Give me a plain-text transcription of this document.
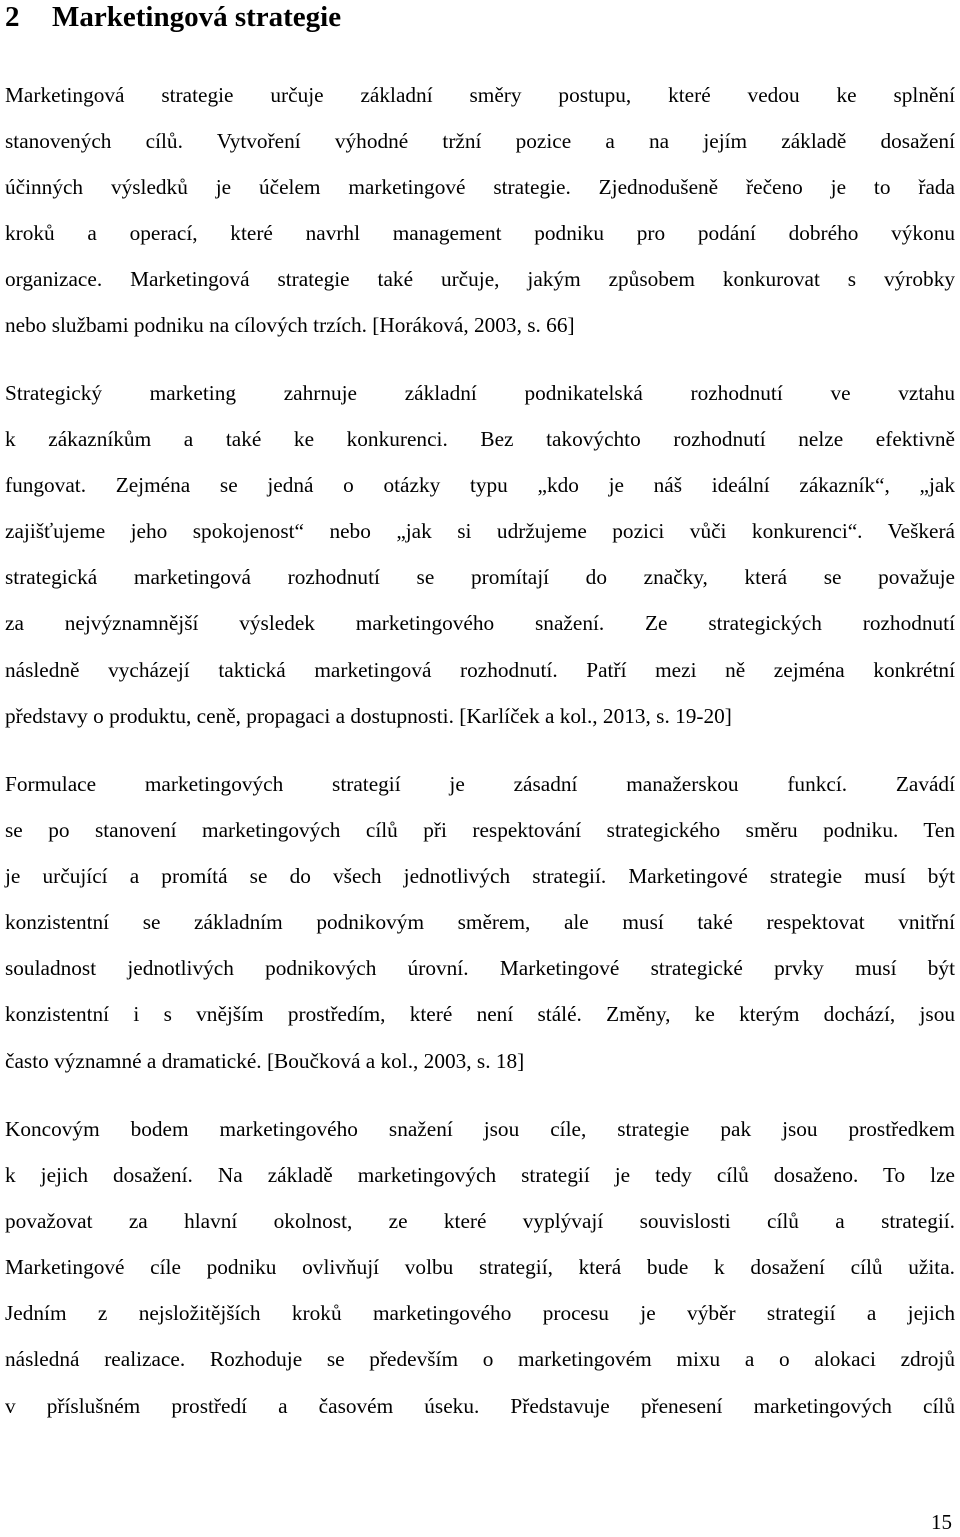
2 Marketingová strategie

Marketingová strategie určuje základní směry postupu, které vedou ke splnění
stanovených cílů. Vytvoření výhodné tržní pozice a na jejím základě dosažení
účinných výsledků je účelem marketingové strategie. Zjednodušeně řečeno je to řada
kroků a operací, které navrhl management podniku pro podání dobrého výkonu
organizace. Marketingová strategie také určuje, jakým způsobem konkurovat s výrobky
nebo službami podniku na cílových trzích. [Horáková, 2003, s. 66]

Strategický marketing zahrnuje základní podnikatelská rozhodnutí ve vztahu
k zákazníkům a také ke konkurenci. Bez takovýchto rozhodnutí nelze efektivně
fungovat. Zejména se jedná o otázky typu „kdo je náš ideální zákazník“, „jak
zajišťujeme jeho spokojenost“ nebo „jak si udržujeme pozici vůči konkurenci“. Veškerá
strategická marketingová rozhodnutí se promítají do značky, která se považuje
za nejvýznamnější výsledek marketingového snažení. Ze strategických rozhodnutí
následně vycházejí taktická marketingová rozhodnutí. Patří mezi ně zejména konkrétní
představy o produktu, ceně, propagaci a dostupnosti. [Karlíček a kol., 2013, s. 19-20]

Formulace marketingových strategií je zásadní manažerskou funkcí. Zavádí
se po stanovení marketingových cílů při respektování strategického směru podniku. Ten
je určující a promítá se do všech jednotlivých strategií. Marketingové strategie musí být
konzistentní se základním podnikovým směrem, ale musí také respektovat vnitřní
souladnost jednotlivých podnikových úrovní. Marketingové strategické prvky musí být
konzistentní i s vnějším prostředím, které není stálé. Změny, ke kterým dochází, jsou
často významné a dramatické. [Boučková a kol., 2003, s. 18]

Koncovým bodem marketingového snažení jsou cíle, strategie pak jsou prostředkem
k jejich dosažení. Na základě marketingových strategií je tedy cílů dosaženo. To lze
považovat za hlavní okolnost, ze které vyplývají souvislosti cílů a strategií.
Marketingové cíle podniku ovlivňují volbu strategií, která bude k dosažení cílů užita.
Jedním z nejsložitějších kroků marketingového procesu je výběr strategií a jejich
následná realizace. Rozhoduje se především o marketingovém mixu a o alokaci zdrojů
v příslušném prostředí a časovém úseku. Představuje přenesení marketingových cílů

15
